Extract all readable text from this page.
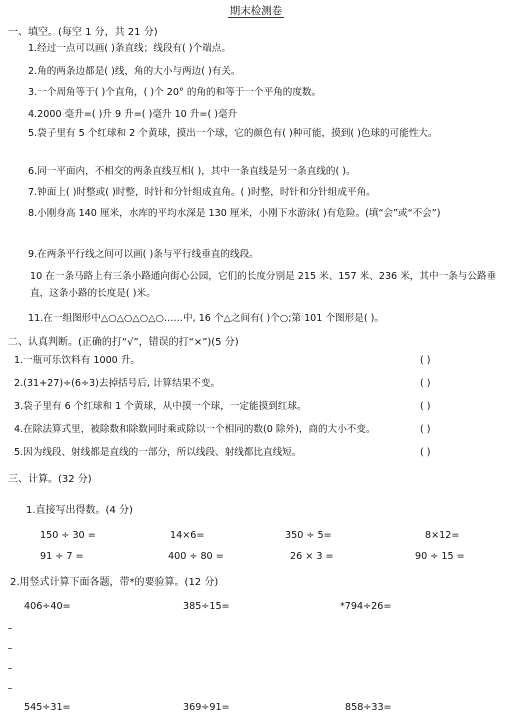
期末检测卷
一、填空。(每空 1 分，共 21 分)
1.经过一点可以画( )条直线；线段有( )个端点。
2.角的两条边都是( )线，角的大小与两边( )有关。
3.一个周角等于( )个直角，( )个 20° 的角的和等于一个平角的度数。
4.2000 毫升=( )升 9 升=( )毫升 10 升=( )毫升
5.袋子里有 5 个红球和 2 个黄球，摸出一个球，它的颜色有( )种可能，摸到( )色球的可能性大。
6.同一平面内，不相交的两条直线互相( )，其中一条直线是另一条直线的( )。
7.钟面上( )时整或( )时整，时针和分针组成直角。( )时整，时针和分针组成平角。
8.小刚身高 140 厘米，水库的平均水深是 130 厘米，小刚下水游泳( )有危险。(填“会”或“不会”)
9.在两条平行线之间可以画( )条与平行线垂直的线段。
10 在一条马路上有三条小路通向街心公园，它们的长度分别是 215 米、157 米、236 米，其中一条与公路垂直，这条小路的长度是( )米。
11.在一组图形中△○△○△○△○……中, 16 个△之间有( )个○;第 101 个图形是( )。
二、认真判断。(正确的打“√”，错误的打“×”)(5 分)
1.一瓶可乐饮料有 1000 升。	( )
2.(31+27)÷(6÷3)去掉括号后, 计算结果不变。	( )
3.袋子里有 6 个红球和 1 个黄球，从中摸一个球，一定能摸到红球。	( )
4.在除法算式里，被除数和除数同时乘或除以一个相同的数(0 除外)，商的大小不变。	( )
5.因为线段、射线都是直线的一部分，所以线段、射线都比直线短。	( )
三、计算。(32 分)
1.直接写出得数。(4 分)
150 ÷ 30 =	14×6=	350 ÷ 5=	8×12=
91 ÷ 7 =	400 ÷ 80 =	26 × 3 =	90 ÷ 15 =
2.用竖式计算下面各题，带*的要验算。(12 分)
406÷40=	385÷15=	*794÷26=
545÷31=	369÷91=	858÷33=
